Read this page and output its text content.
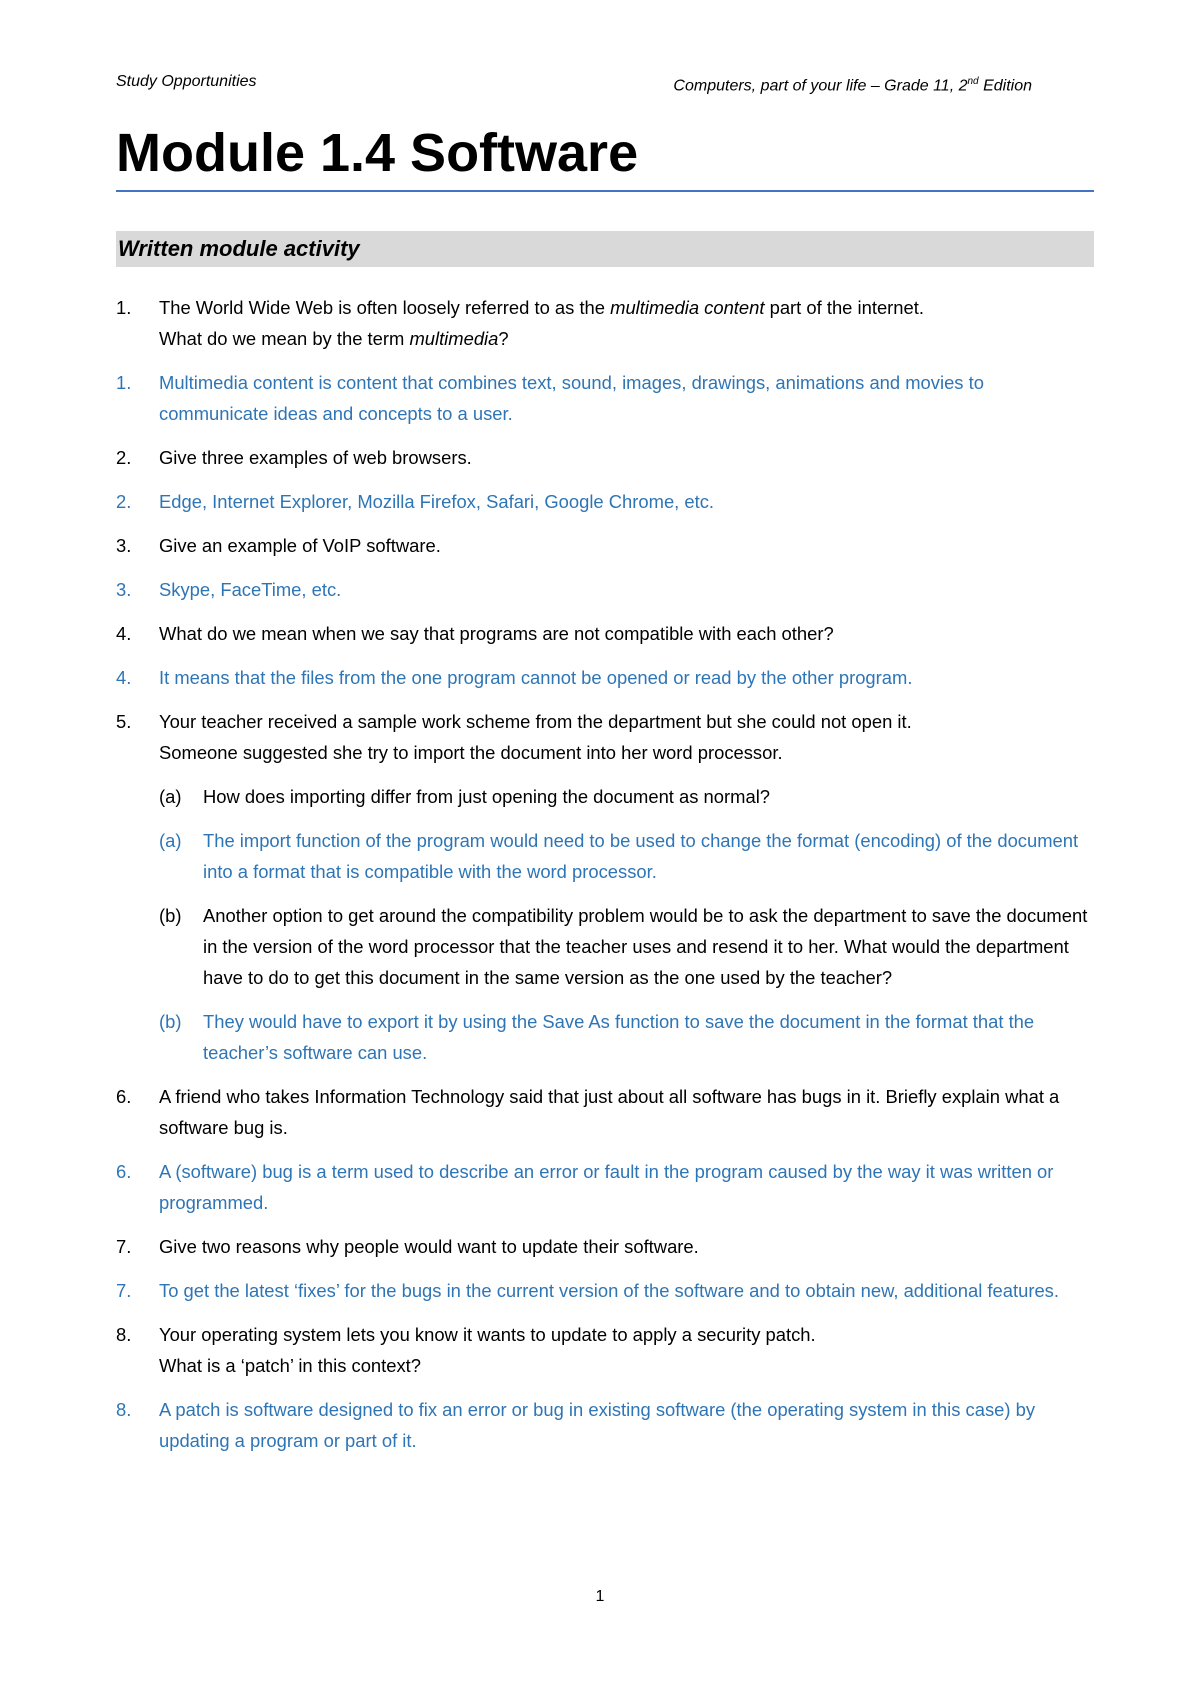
Study Opportunities	Computers, part of your life – Grade 11, 2nd Edition
Module 1.4 Software
Written module activity
1. The World Wide Web is often loosely referred to as the multimedia content part of the internet.
What do we mean by the term multimedia?
1. Multimedia content is content that combines text, sound, images, drawings, animations and movies to communicate ideas and concepts to a user.
2. Give three examples of web browsers.
2. Edge, Internet Explorer, Mozilla Firefox, Safari, Google Chrome, etc.
3. Give an example of VoIP software.
3. Skype, FaceTime, etc.
4. What do we mean when we say that programs are not compatible with each other?
4. It means that the files from the one program cannot be opened or read by the other program.
5. Your teacher received a sample work scheme from the department but she could not open it.
Someone suggested she try to import the document into her word processor.
(a) How does importing differ from just opening the document as normal?
(a) The import function of the program would need to be used to change the format (encoding) of the document into a format that is compatible with the word processor.
(b) Another option to get around the compatibility problem would be to ask the department to save the document in the version of the word processor that the teacher uses and resend it to her. What would the department have to do to get this document in the same version as the one used by the teacher?
(b) They would have to export it by using the Save As function to save the document in the format that the teacher’s software can use.
6. A friend who takes Information Technology said that just about all software has bugs in it. Briefly explain what a software bug is.
6. A (software) bug is a term used to describe an error or fault in the program caused by the way it was written or programmed.
7. Give two reasons why people would want to update their software.
7. To get the latest ‘fixes’ for the bugs in the current version of the software and to obtain new, additional features.
8. Your operating system lets you know it wants to update to apply a security patch.
What is a ‘patch’ in this context?
8. A patch is software designed to fix an error or bug in existing software (the operating system in this case) by updating a program or part of it.
1
